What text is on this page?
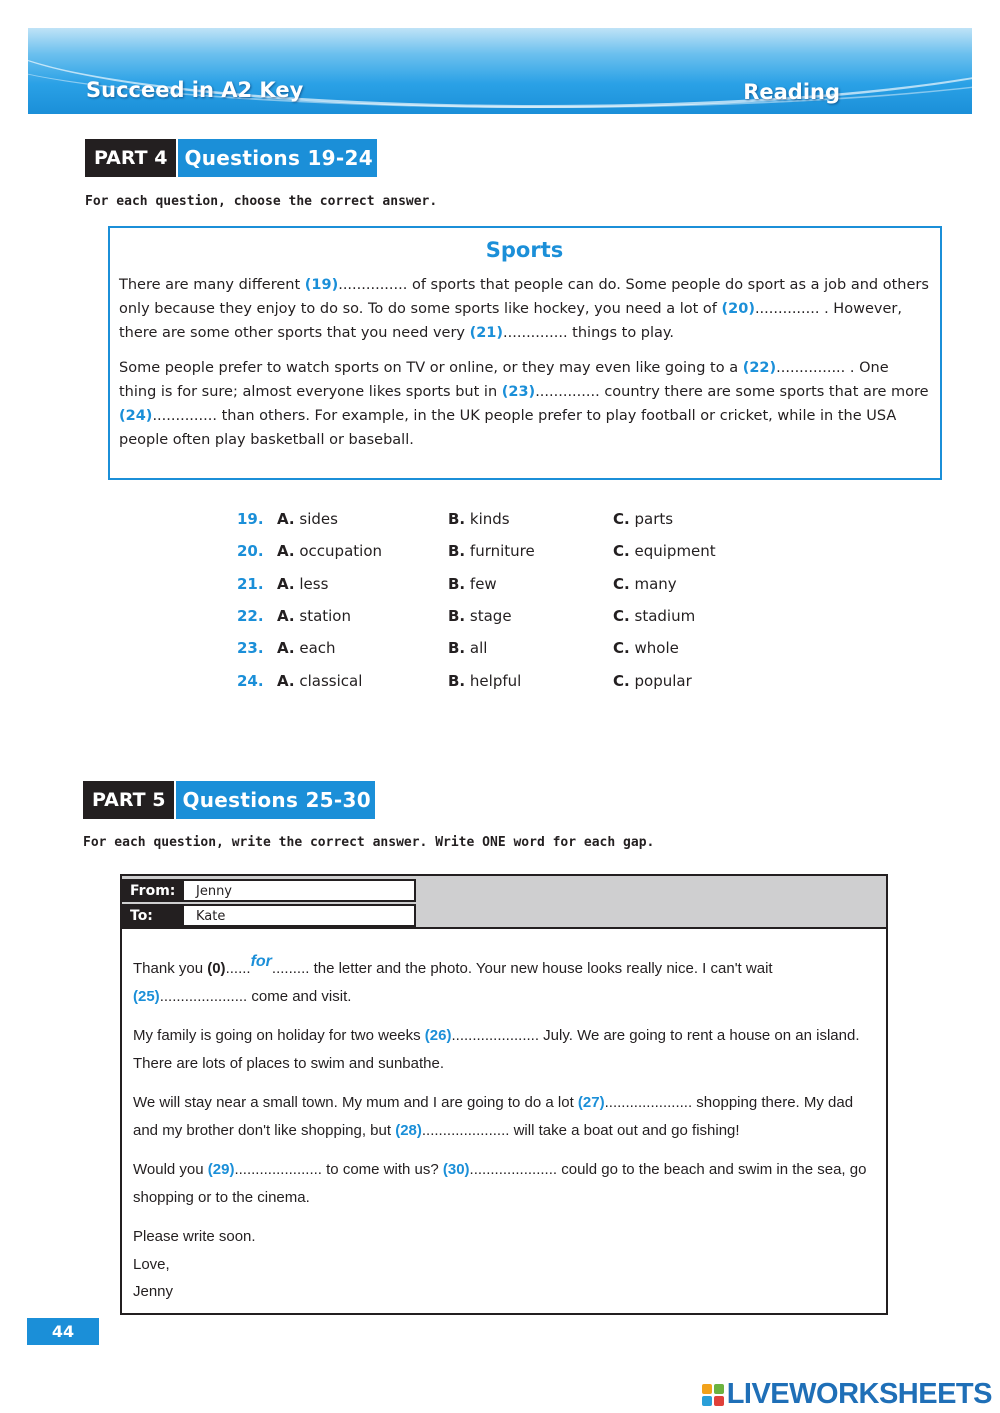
Succeed in A2 Key	Reading
PART 4 Questions 19-24
For each question, choose the correct answer.
Sports

There are many different (19)............... of sports that people can do. Some people do sport as a job and others only because they enjoy to do so. To do some sports like hockey, you need a lot of (20).............. . However, there are some other sports that you need very (21).............. things to play.

Some people prefer to watch sports on TV or online, or they may even like going to a (22)............... . One thing is for sure; almost everyone likes sports but in (23).............. country there are some sports that are more (24).............. than others. For example, in the UK people prefer to play football or cricket, while in the USA people often play basketball or baseball.

19. A. sides	B. kinds	C. parts
20. A. occupation	B. furniture	C. equipment
21. A. less	B. few	C. many
22. A. station	B. stage	C. stadium
23. A. each	B. all	C. whole
24. A. classical	B. helpful	C. popular
PART 5 Questions 25-30
For each question, write the correct answer. Write ONE word for each gap.
From:	Jenny
To:	Kate

Thank you (0)......for......... the letter and the photo. Your new house looks really nice. I can't wait (25)..................... come and visit.

My family is going on holiday for two weeks (26)..................... July. We are going to rent a house on an island. There are lots of places to swim and sunbathe.

We will stay near a small town. My mum and I are going to do a lot (27)..................... shopping there. My dad and my brother don't like shopping, but (28)..................... will take a boat out and go fishing!

Would you (29)..................... to come with us? (30)..................... could go to the beach and swim in the sea, go shopping or to the cinema.

Please write soon.
Love,
Jenny
44
LIVEWORKSHEETS
